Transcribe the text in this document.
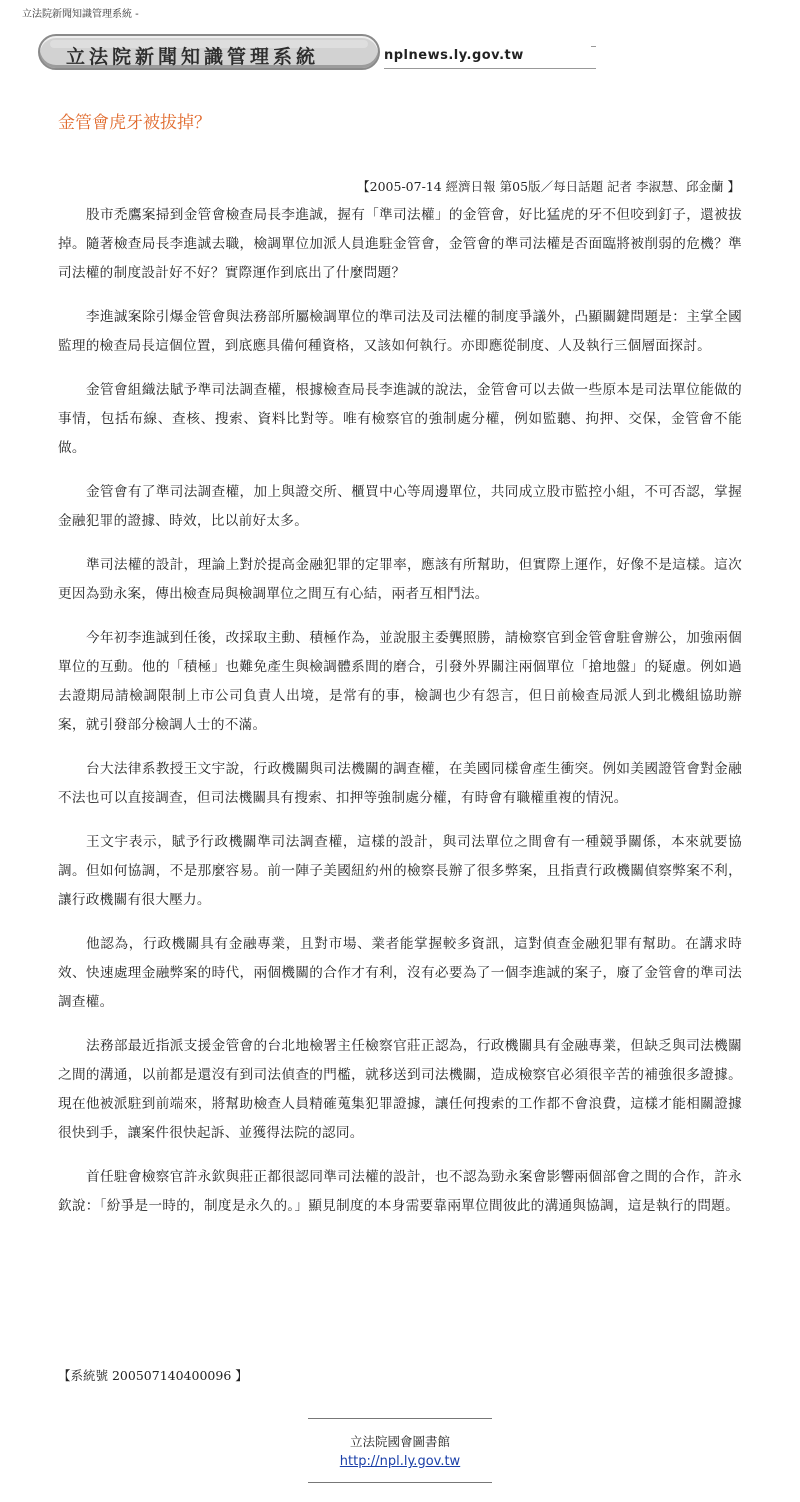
立法院新聞知識管理系統 -
立法院新聞知識管理系統	nplnews.ly.gov.tw
金管會虎牙被拔掉？
【2005-07-14 經濟日報 第05版／每日話題 記者 李淑慧、邱金蘭 】

股市禿鷹案掃到金管會檢查局長李進誠，握有「準司法權」的金管會，好比猛虎的牙不但咬到釘子，還被拔掉。隨著檢查局長李進誠去職，檢調單位加派人員進駐金管會，金管會的準司法權是否面臨將被削弱的危機？準司法權的制度設計好不好？實際運作到底出了什麼問題？

李進誠案除引爆金管會與法務部所屬檢調單位的準司法及司法權的制度爭議外，凸顯關鍵問題是：主掌全國監理的檢查局長這個位置，到底應具備何種資格，又該如何執行。亦即應從制度、人及執行三個層面探討。

金管會組織法賦予準司法調查權，根據檢查局長李進誠的說法，金管會可以去做一些原本是司法單位能做的事情，包括布線、查核、搜索、資料比對等。唯有檢察官的強制處分權，例如監聽、拘押、交保，金管會不能做。

金管會有了準司法調查權，加上與證交所、櫃買中心等周邊單位，共同成立股市監控小組，不可否認，掌握金融犯罪的證據、時效，比以前好太多。

準司法權的設計，理論上對於提高金融犯罪的定罪率，應該有所幫助，但實際上運作，好像不是這樣。這次更因為勁永案，傳出檢查局與檢調單位之間互有心結，兩者互相鬥法。

今年初李進誠到任後，改採取主動、積極作為，並說服主委龔照勝，請檢察官到金管會駐會辦公，加強兩個單位的互動。他的「積極」也難免產生與檢調體系間的磨合，引發外界關注兩個單位「搶地盤」的疑慮。例如過去證期局請檢調限制上市公司負責人出境，是常有的事，檢調也少有怨言，但日前檢查局派人到北機組協助辦案，就引發部分檢調人士的不滿。

台大法律系教授王文宇說，行政機關與司法機關的調查權，在美國同樣會產生衝突。例如美國證管會對金融不法也可以直接調查，但司法機關具有搜索、扣押等強制處分權，有時會有職權重複的情況。

王文宇表示，賦予行政機關準司法調查權，這樣的設計，與司法單位之間會有一種競爭關係，本來就要協調。但如何協調，不是那麼容易。前一陣子美國紐約州的檢察長辦了很多弊案，且指責行政機關偵察弊案不利，讓行政機關有很大壓力。

他認為，行政機關具有金融專業，且對市場、業者能掌握較多資訊，這對偵查金融犯罪有幫助。在講求時效、快速處理金融弊案的時代，兩個機關的合作才有利，沒有必要為了一個李進誠的案子，廢了金管會的準司法調查權。

法務部最近指派支援金管會的台北地檢署主任檢察官莊正認為，行政機關具有金融專業，但缺乏與司法機關之間的溝通，以前都是還沒有到司法偵查的門檻，就移送到司法機關，造成檢察官必須很辛苦的補強很多證據。現在他被派駐到前端來，將幫助檢查人員精確蒐集犯罪證據，讓任何搜索的工作都不會浪費，這樣才能相關證據很快到手，讓案件很快起訴、並獲得法院的認同。

首任駐會檢察官許永欽與莊正都很認同準司法權的設計，也不認為勁永案會影響兩個部會之間的合作，許永欽說：「紛爭是一時的，制度是永久的。」顯見制度的本身需要靠兩單位間彼此的溝通與協調，這是執行的問題。

【系統號 200507140400096 】
立法院國會圖書館
http://npl.ly.gov.tw
